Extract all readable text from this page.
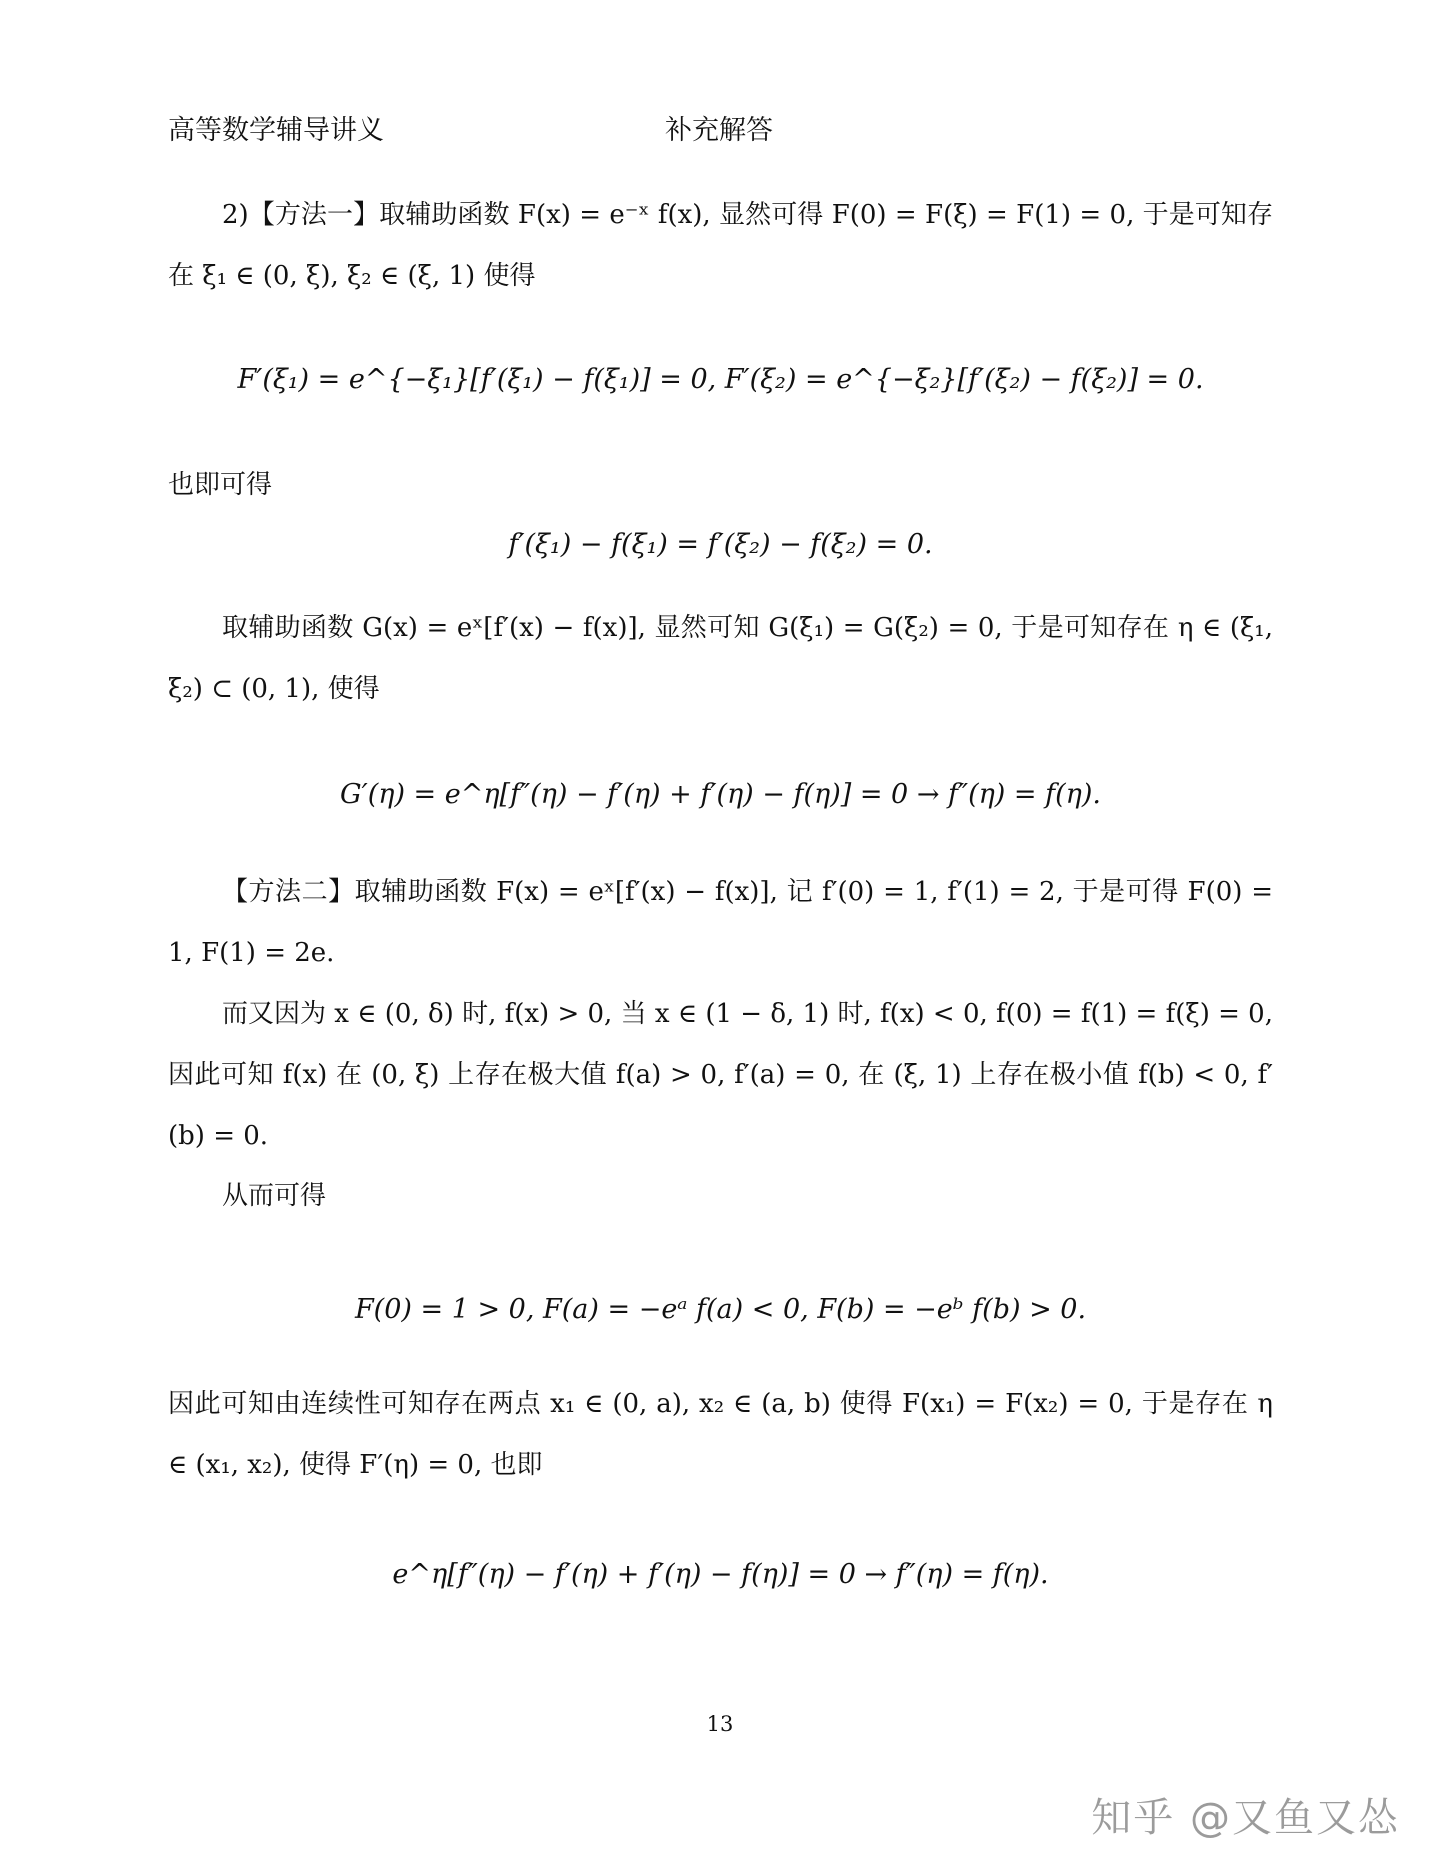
高等数学辅导讲义	补充解答
2)【方法一】取辅助函数 F(x) = e⁻ˣ f(x), 显然可得 F(0) = F(ξ) = F(1) = 0, 于是可知存在 ξ₁ ∈ (0, ξ), ξ₂ ∈ (ξ, 1) 使得
F′(ξ₁) = e^{−ξ₁}[f′(ξ₁) − f(ξ₁)] = 0, F′(ξ₂) = e^{−ξ₂}[f′(ξ₂) − f(ξ₂)] = 0.
也即可得
f′(ξ₁) − f(ξ₁) = f′(ξ₂) − f(ξ₂) = 0.
取辅助函数 G(x) = eˣ[f′(x) − f(x)], 显然可知 G(ξ₁) = G(ξ₂) = 0, 于是可知存在 η ∈ (ξ₁, ξ₂) ⊂ (0, 1), 使得
G′(η) = e^η[f″(η) − f′(η) + f′(η) − f(η)] = 0 → f″(η) = f(η).
【方法二】取辅助函数 F(x) = eˣ[f′(x) − f(x)], 记 f′(0) = 1, f′(1) = 2, 于是可得 F(0) = 1, F(1) = 2e.
而又因为 x ∈ (0, δ) 时, f(x) > 0, 当 x ∈ (1 − δ, 1) 时, f(x) < 0, f(0) = f(1) = f(ξ) = 0, 因此可知 f(x) 在 (0, ξ) 上存在极大值 f(a) > 0, f′(a) = 0, 在 (ξ, 1) 上存在极小值 f(b) < 0, f′(b) = 0.
从而可得
F(0) = 1 > 0, F(a) = −eᵃ f(a) < 0, F(b) = −eᵇ f(b) > 0.
因此可知由连续性可知存在两点 x₁ ∈ (0, a), x₂ ∈ (a, b) 使得 F(x₁) = F(x₂) = 0, 于是存在 η ∈ (x₁, x₂), 使得 F′(η) = 0, 也即
e^η[f″(η) − f′(η) + f′(η) − f(η)] = 0 → f″(η) = f(η).
13
知乎 @又鱼又怂
